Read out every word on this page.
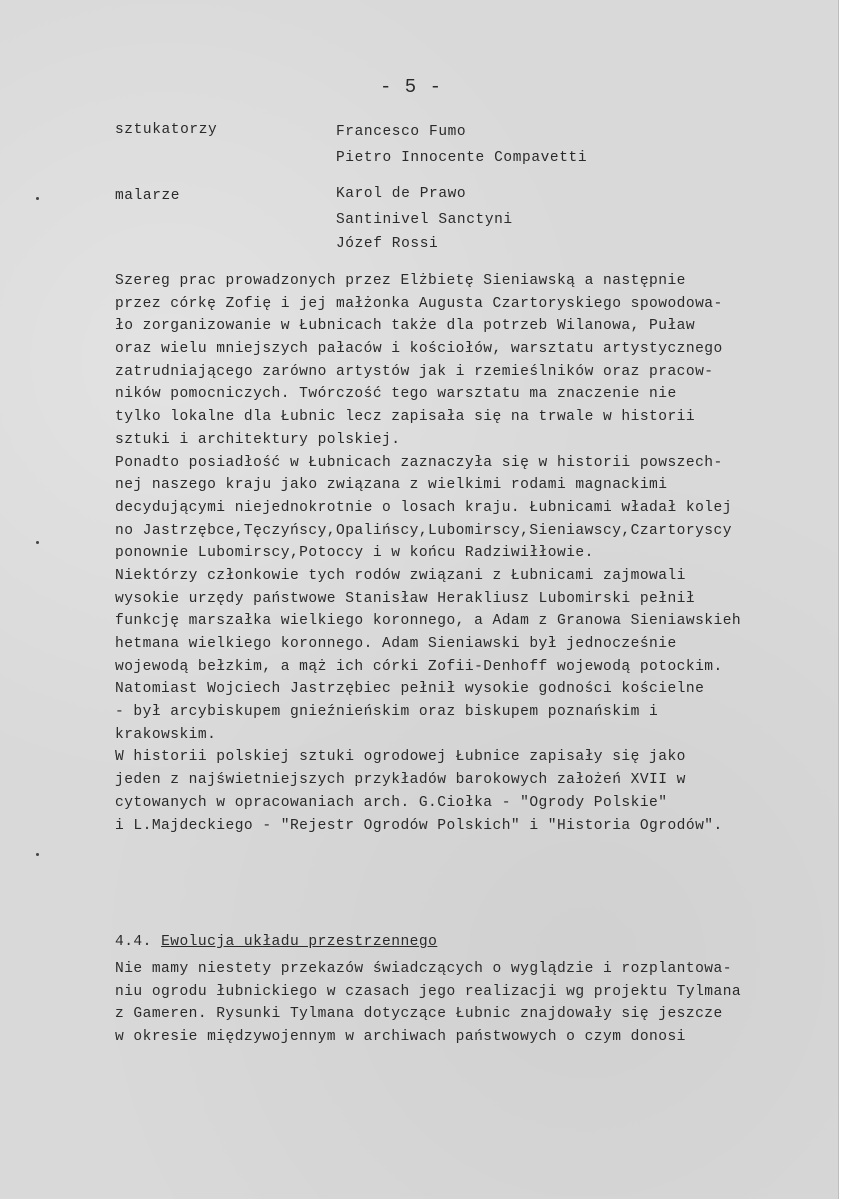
- 5 -
sztukatorzy	Francesco Fumo
Pietro Innocente Compavetti
malarze	Karol de Prawo
Santinivel Sanctyni
Józef Rossi
Szereg prac prowadzonych przez Elżbietę Sieniawską a następnie
przez córkę Zofię i jej małżonka Augusta Czartoryskiego spowodowa-
ło zorganizowanie w Łubnicach także dla potrzeb Wilanowa, Puław
oraz wielu mniejszych pałaców i kościołów, warsztatu artystycznego
zatrudniającego zarówno artystów jak i rzemieślników oraz pracow-
ników pomocniczych. Twórczość tego warsztatu ma znaczenie nie
tylko lokalne dla Łubnic lecz zapisała się na trwale w historii
sztuki i architektury polskiej.
Ponadto posiadłość w Łubnicach zaznaczyła się w historii powszech-
nej naszego kraju jako związana z wielkimi rodami magnackimi
decydującymi niejednokrotnie o losach kraju. Łubnicami władał kolej
no Jastrzębce,Tęczyńscy,Opalińscy,Lubomirscy,Sieniawscy,Czartoryscy
ponownie Lubomirscy,Potoccy i w końcu Radziwiłłowie.
Niektórzy członkowie tych rodów związani z Łubnicami zajmowali
wysokie urzędy państwowe Stanisław Herakliusz Lubomirski pełnił
funkcję marszałka wielkiego koronnego, a Adam z Granowa Sieniawskieh
hetmana wielkiego koronnego. Adam Sieniawski był jednocześnie
wojewodą bełzkim, a mąż ich córki Zofii-Denhoff wojewodą potockim.
Natomiast Wojciech Jastrzębiec pełnił wysokie godności kościelne
- był arcybiskupem gnieźnieńskim oraz biskupem poznańskim i
krakowskim.
W historii polskiej sztuki ogrodowej Łubnice zapisały się jako
jeden z najświetniejszych przykładów barokowych założeń XVII w
cytowanych w opracowaniach arch. G.Ciołka - "Ogrody Polskie"
i L.Majdeckiego - "Rejestr Ogrodów Polskich" i "Historia Ogrodów".
4.4. Ewolucja układu przestrzennego
Nie mamy niestety przekazów świadczących o wyglądzie i rozplantowa-
niu ogrodu łubnickiego w czasach jego realizacji wg projektu Tylmana
z Gameren. Rysunki Tylmana dotyczące Łubnic znajdowały się jeszcze
w okresie międzywojennym w archiwach państwowych o czym donosi
